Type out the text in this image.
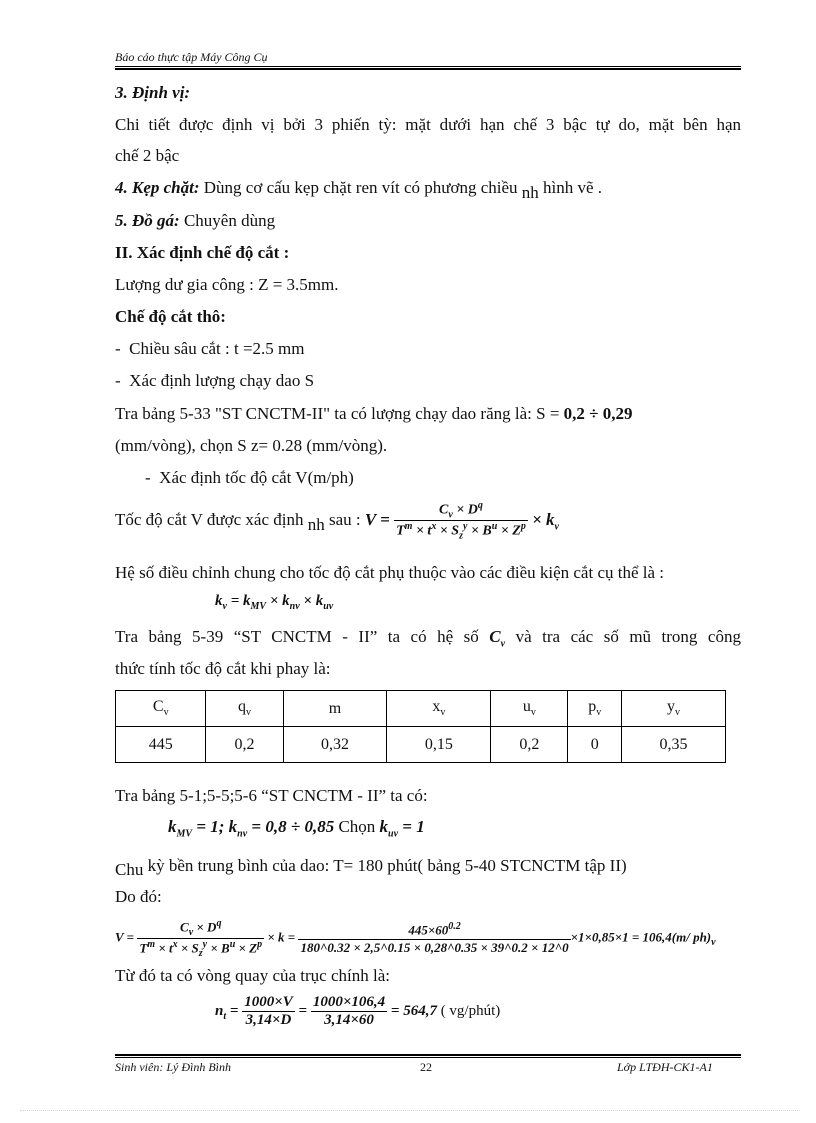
Báo cáo thực tập Máy Công Cụ
3. Định vị:
Chi tiết được định vị bởi 3 phiến tỳ: mặt dưới hạn chế 3 bậc tự do, mặt bên hạn
chế 2 bậc
4. Kẹp chặt: Dùng cơ cấu kẹp chặt ren vít có phương chiều nh hình vẽ .
5. Đồ gá: Chuyên dùng
II. Xác định chế độ cắt :
Lượng dư gia công : Z = 3.5mm.
Chế độ cắt thô:
- Chiều sâu cắt : t =2.5 mm
- Xác định lượng chạy dao S
Tra bảng 5-33 "ST CNCTM-II" ta có lượng chạy dao răng là: S = 0,2 ÷ 0,29
(mm/vòng), chọn S z= 0.28 (mm/vòng).
- Xác định tốc độ cắt V(m/ph)
Tốc độ cắt V được xác định nh sau : $V = \frac{C_v \times D^q}{T^m \times t^x \times S_z^y \times B^u \times Z^p} \times k_v$
Hệ số điều chỉnh chung cho tốc độ cắt phụ thuộc vào các điều kiện cắt cụ thể là :
$k_v = k_{MV} \times k_{nv} \times k_{uv}$
Tra bảng 5-39 “ST CNCTM - II” ta có hệ số $C_v$ và tra các số mũ trong công
thức tính tốc độ cắt khi phay là:
$C_v$	$q_v$	m	$x_v$	$u_v$	$p_v$	$y_v$
445	0,2	0,32	0,15	0,2	0	0,35
Tra bảng 5-1;5-5;5-6 “ST CNCTM - II” ta có:
$k_{MV} = 1$; $k_{nv} = 0,8 \div 0,85$ Chọn $k_{uv} = 1$
Chu kỳ bền trung bình của dao: T= 180 phút( bảng 5-40 STCNCTM tập II)
Do đó:
$V = \frac{C_v \times D^q}{T^m \times t^x \times S_z^y \times B^u \times Z^p} \times k = \frac{445\times 60^{0.2}}{180\^{}0.32 \times 2,5\^{}0.15 \times 0,28\^{}0.35 \times 39\^{}0.2 \times 12\^{}0} \times 1\times 0,85\times 1 = 106,4(m/$ $ph)_v$
Từ đó ta có vòng quay của trục chính là:
$n_t = \frac{1000\times V}{3,14\times D} = \frac{1000\times 106,4}{3,14\times 60} = 564,7$ ( vg/phút)
Sinh viên: Lý Đình Bình	22	Lớp LTĐH-CK1-A1
